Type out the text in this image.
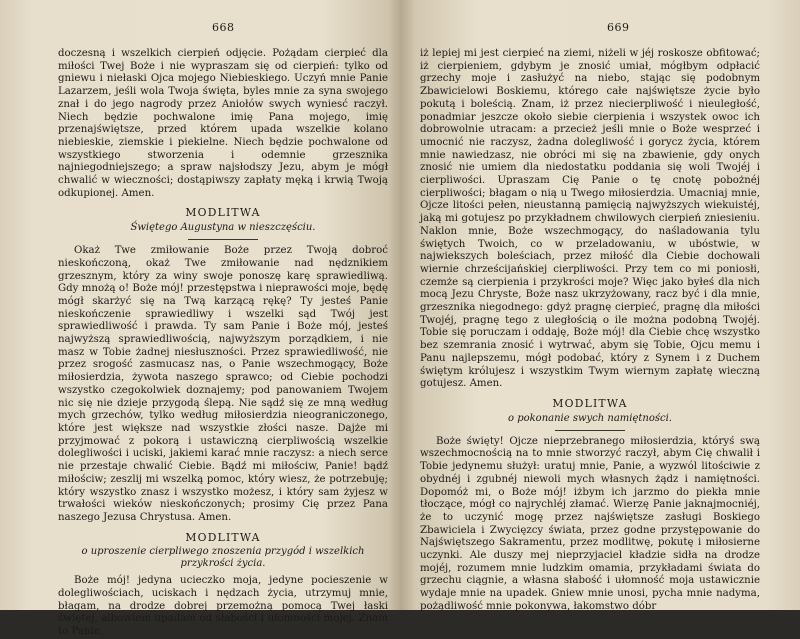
668

doczesną i wszelkich cierpień odjęcie. Pożądam cierpieć dla miłości Twej Boże i nie wypraszam się od cierpień: tylko od gniewu i niełaski Ojca mojego Niebieskiego. Uczyń mnie Panie Lazarzem, jeśli wola Twoja święta, byles mnie za syna swojego znał i do jego nagrody przez Aniołów swych wyniesć raczył. Niech będzie pochwalone imię Pana mojego, imię przenajświętsze, przed którem upada wszelkie kolano niebieskie, ziemskie i piekielne. Niech będzie pochwalone od wszystkiego stworzenia i odemnie grzesznika najniegodniejszego; a spraw najsłodszy Jezu, abym je mógł chwalić w wieczności; dostąpiwszy zapłaty męką i krwią Twoją odkupionej. Amen.

MODLITWA
Świętego Augustyna w nieszczęściu.

Okaż Twe zmiłowanie Boże przez Twoją dobroć nieskończoną, okaż Twe zmiłowanie nad nędznikiem grzesznym, który za winy swoje ponoszę karę sprawiedliwą. Gdy mnożą o! Boże mój! przestępstwa i nieprawości moje, będę mógł skarżyć się na Twą karzącą rękę? Ty jesteś Panie nieskończenie sprawiedliwy i wszelki sąd Twój jest sprawiedliwość i prawda. Ty sam Panie i Boże mój, jesteś najwyższą sprawiedliwością, najwyższym porządkiem, i nie masz w Tobie żadnej niesłuszności. Przez sprawiedliwość, nie przez srogość zasmucasz nas, o Panie wszechmogący, Boże miłosierdzia, żywota naszego sprawco; od Ciebie pochodzi wszystko czegokolwiek doznajemy; pod panowaniem Twojem nic się nie dzieje przygodą ślepą. Nie sądź się ze mną według mych grzechów, tylko według miłosierdzia nieograniczonego, które jest większe nad wszystkie złości nasze. Dajże mi przyjmować z pokorą i ustawiczną cierpliwością wszelkie dolegliwości i uciski, jakiemi karać mnie raczysz: a niech serce nie przestaje chwalić Ciebie. Bądź mi miłościw, Panie! bądź miłościw; zeszlij mi wszelką pomoc, który wiesz, że potrzebuję; który wszystko znasz i wszystko możesz, i który sam żyjesz w trwałości wieków nieskończonych; prosimy Cię przez Pana naszego Jezusa Chrystusa. Amen.

MODLITWA
o uproszenie cierpliwego znoszenia przygód i wszelkich
przykrości życia.

Boże mój! jedyna ucieczko moja, jedyne pocieszenie w dolegliwościach, uciskach i nędzach życia, utrzymuj mnie, błagam, na drodze dobrej przemożną pomocą Twej łaski świętej, albowiem upadam od słabości i ułomności mojej. Znam to Panie,

669

iż lepiej mi jest cierpieć na ziemi, niżeli w jéj roskosze obfitować; iż cierpieniem, gdybym je znosić umiał, mógłbym odpłacić grzechy moje i zasłużyć na niebo, stając się podobnym Zbawicielowi Boskiemu, którego całe najświętsze życie było pokutą i boleścią. Znam, iż przez niecierpliwość i nieuległość, ponadmiar jeszcze około siebie cierpienia i wszystek owoc ich dobrowolnie utracam: a przecież jeśli mnie o Boże wesprzeć i umocnić nie raczysz, żadna dolegliwość i gorycz życia, którem mnie nawiedzasz, nie obróci mi się na zbawienie, gdy onych znosić nie umiem dla niedostatku poddania się woli Twojéj i cierpliwości. Upraszam Cię Panie o tę cnotę pobożnéj cierpliwości; błagam o nią u Twego miłosierdzia. Umacniaj mnie, Ojcze litości pełen, nieustanną pamięcią najwyższych wiekuistéj, jaką mi gotujesz po przykładnem chwilowych cierpień zniesieniu. Naklon mnie, Boże wszechmogący, do naśladowania tylu świętych Twoich, co w przeladowaniu, w ubóstwie, w najwiekszych boleściach, przez miłość dla Ciebie dochowali wiernie chrześcijańskiej cierpliwości. Przy tem co mi poniosłi, czemże są cierpienia i przykrości moje? Więc jako byłeś dla nich mocą Jezu Chryste, Boże nasz ukrzyżowany, racz być i dla mnie, grzesznika niegodnego: gdyż pragnę cierpieć, pragnę dla miłości Twojéj, pragnę tego z uległością o ile można podobną Twojéj. Tobie się poruczam i oddaję, Boże mój! dla Ciebie chcę wszystko bez szemrania znosić i wytrwać, abym się Tobie, Ojcu memu i Panu najlepszemu, mógł podobać, który z Synem i z Duchem świętym królujesz i wszystkim Twym wiernym zapłatę wieczną gotujesz. Amen.

MODLITWA
o pokonanie swych namiętności.

Boże święty! Ojcze nieprzebranego miłosierdzia, któryś swą wszechmocnością na to mnie stworzyć raczył, abym Cię chwalił i Tobie jedynemu służył: uratuj mnie, Panie, a wyzwól litościwie z obydnéj i zgubnéj niewoli mych własnych żądz i namiętności. Dopomóż mi, o Boże mój! iżbym ich jarzmo do piekła mnie tłoczące, mógł co najrychléj złamać. Wierzę Panie jaknajmocniéj, że to uczynić mogę przez najświętsze zasługi Boskiego Zbawiciela i Zwycięzcy świata, przez godne przystępowanie do Najświętszego Sakramentu, przez modlitwę, pokutę i miłosierne uczynki. Ale duszy mej nieprzyjaciel kładzie sidła na drodze mojéj, rozumem mnie ludzkim omamia, przykładami świata do grzechu ciągnie, a własna słabość i ułomność moja ustawicznie wydaje mnie na upadek. Gniew mnie unosi, pycha mnie nadyma, pożądliwość mnie pokonywa, łakomstwo dóbr
